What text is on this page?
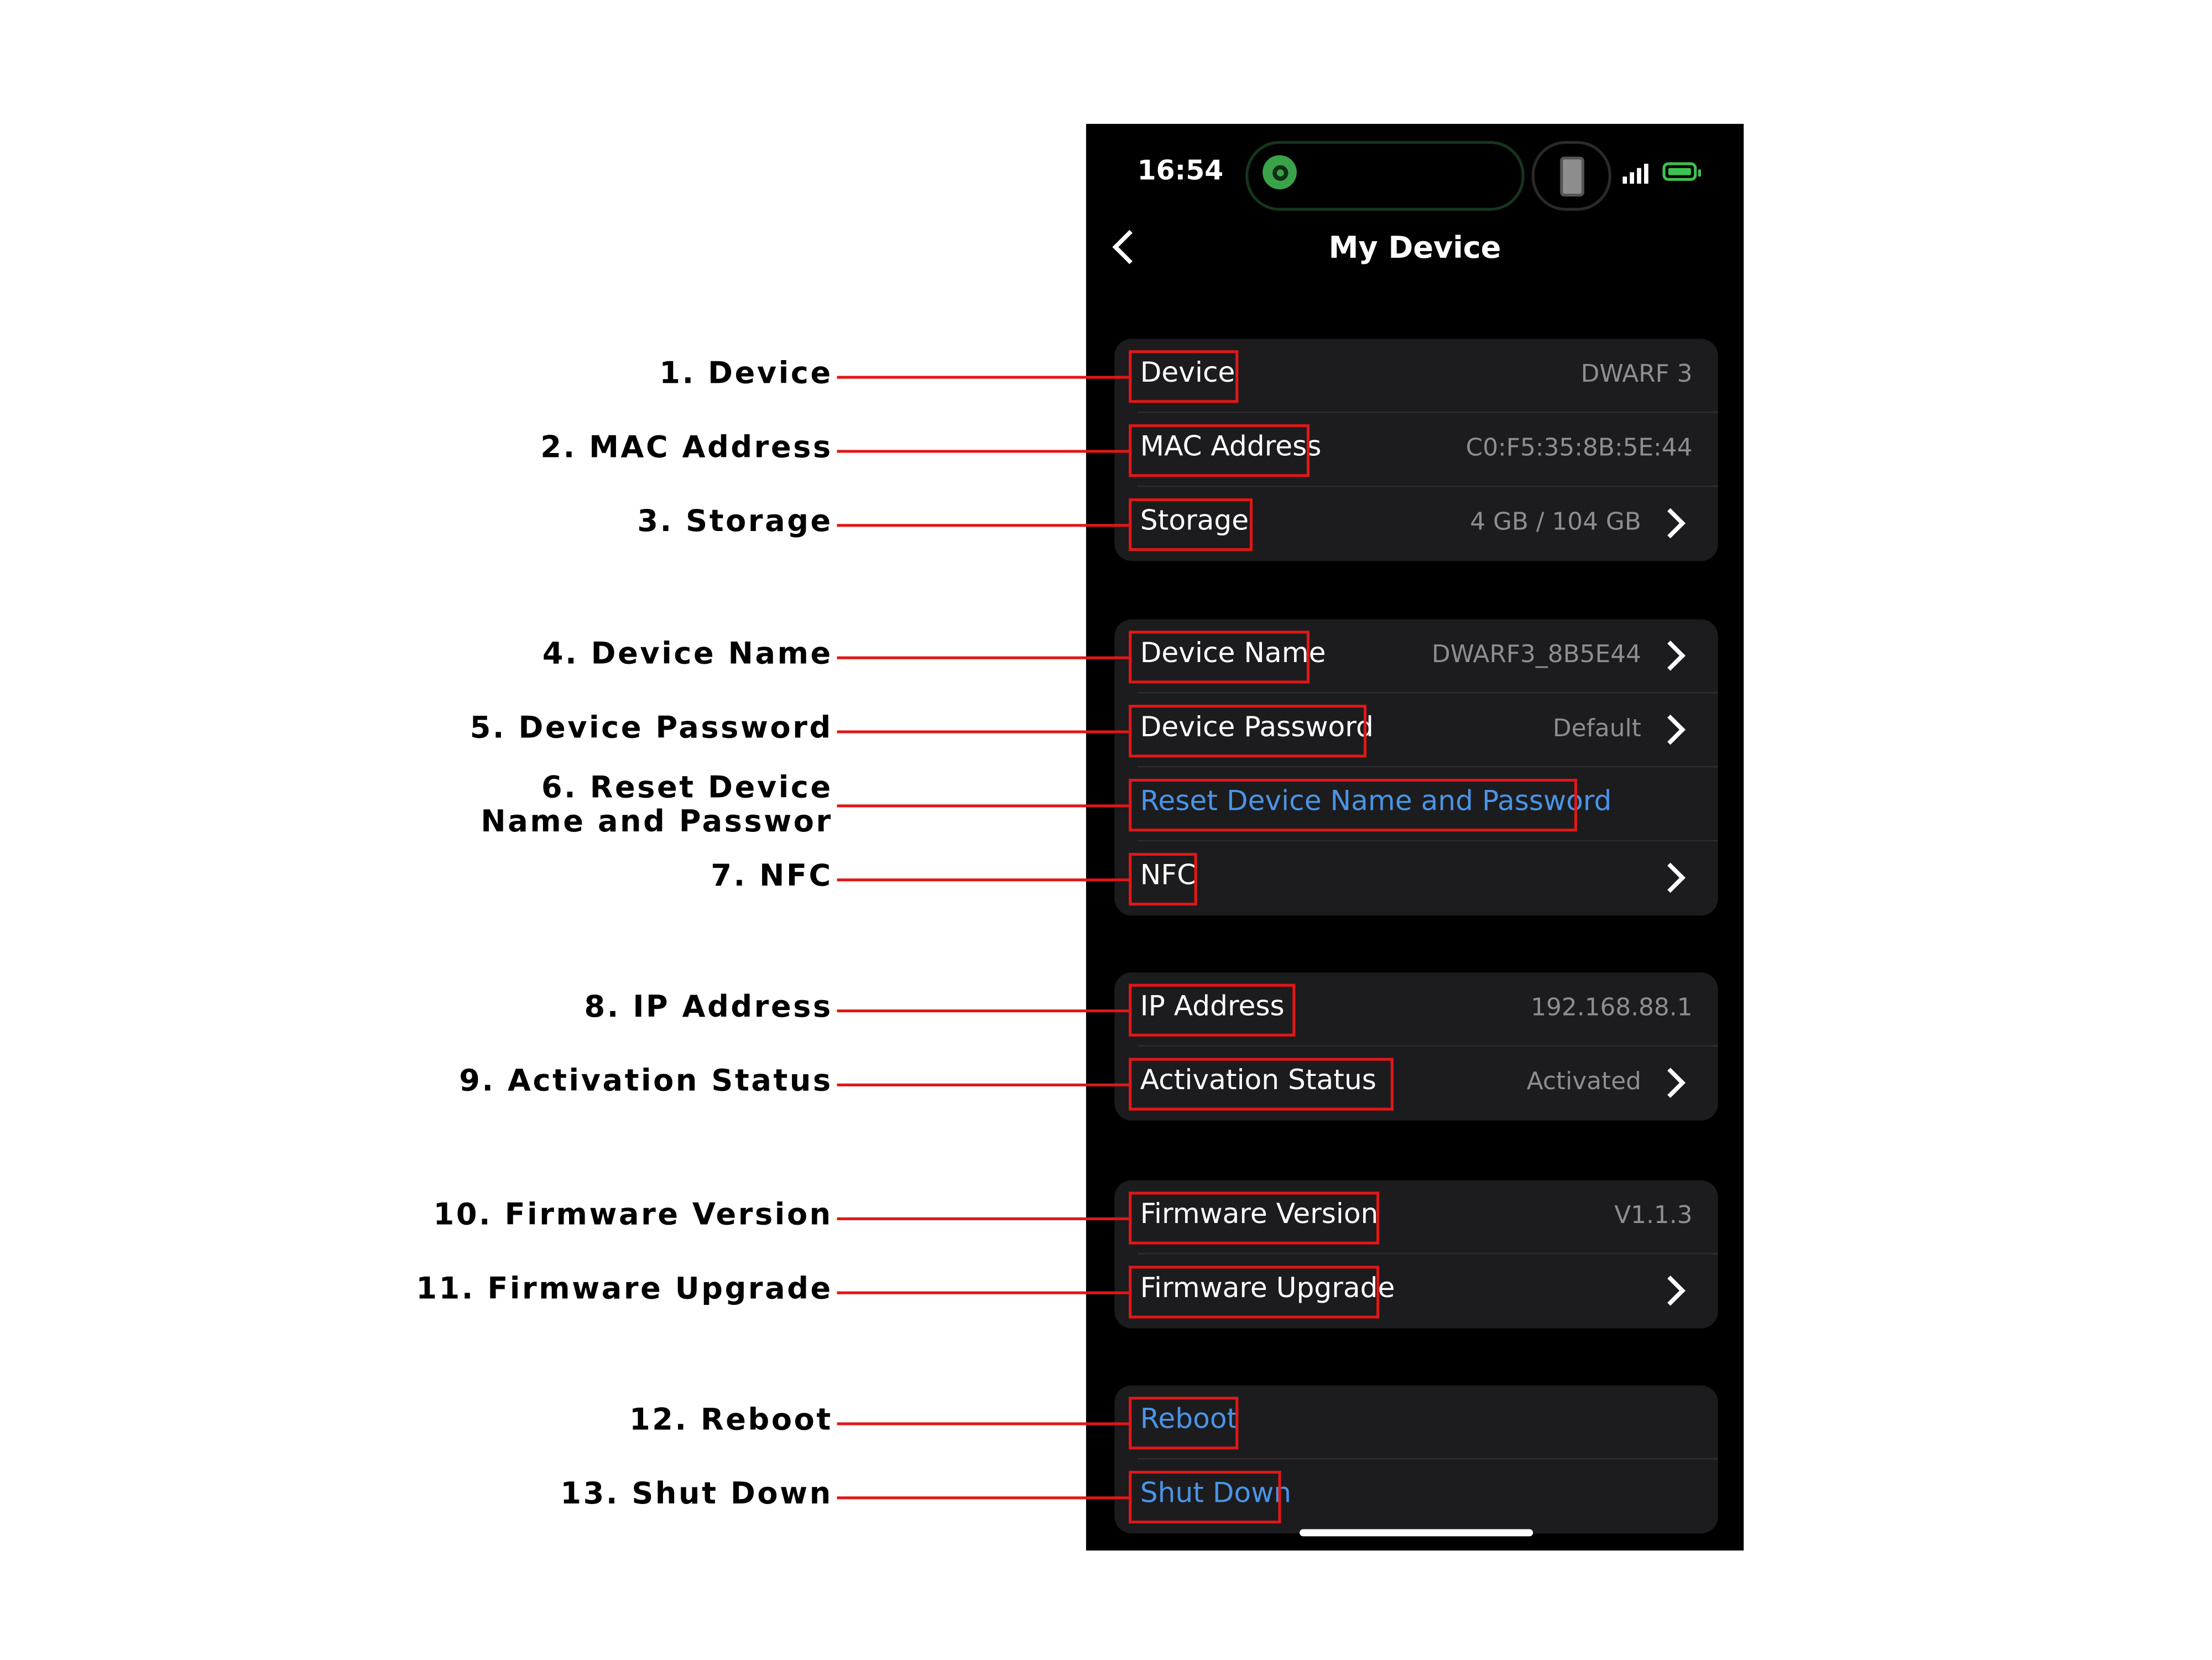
16:54
My Device
Device	DWARF 3
MAC Address	C0:F5:35:8B:5E:44
Storage	4 GB / 104 GB
Device Name	DWARF3_8B5E44
Device Password	Default
Reset Device Name and Password
NFC
IP Address	192.168.88.1
Activation Status	Activated
Firmware Version	V1.1.3
Firmware Upgrade
Reboot
Shut Down
1. Device
2. MAC Address
3. Storage
4. Device Name
5. Device Password
6. Reset Device
Name and Passwor
7. NFC
8. IP Address
9. Activation Status
10. Firmware Version
11. Firmware Upgrade
12. Reboot
13. Shut Down
